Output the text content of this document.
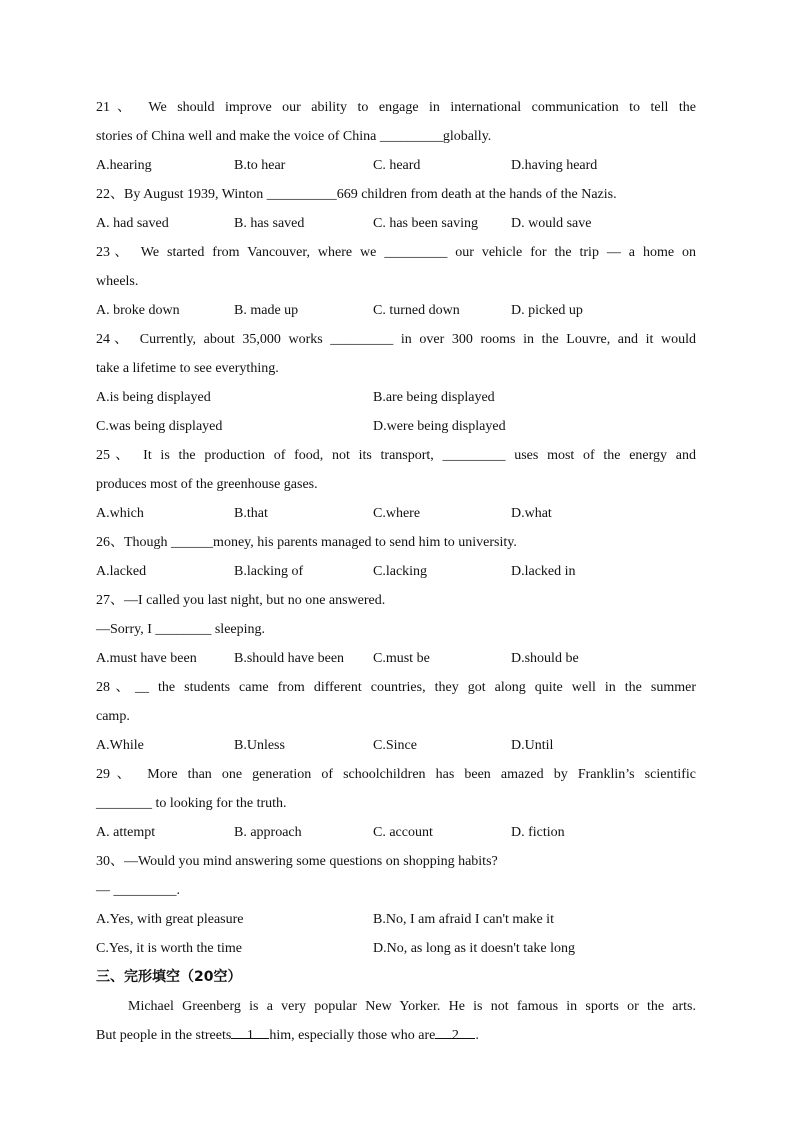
21、 We should improve our ability to engage in international communication to tell the
stories of China well and make the voice of China _________globally.
A.hearing	B.to hear	C. heard	D.having heard
22、By August 1939, Winton __________669 children from death at the hands of the Nazis.
A. had saved	B. has saved	C. has been saving	D. would save
23、 We started from Vancouver, where we _________ our vehicle for the trip — a home on
wheels.
A. broke down	B. made up	C. turned down	D. picked up
24、 Currently, about 35,000 works _________ in over 300 rooms in the Louvre, and it would
take a lifetime to see everything.
A.is being displayed	B.are being displayed
C.was being displayed	D.were being displayed
25、 It is the production of food, not its transport, _________ uses most of the energy and
produces most of the greenhouse gases.
A.which	B.that	C.where	D.what
26、Though ______money, his parents managed to send him to university.
A.lacked	B.lacking of	C.lacking	D.lacked in
27、—I called you last night, but no one answered.
—Sorry, I ________ sleeping.
A.must have been	B.should have been	C.must be	D.should be
28、__ the students came from different countries, they got along quite well in the summer
camp.
A.While	B.Unless	C.Since	D.Until
29、 More than one generation of schoolchildren has been amazed by Franklin’s scientific
________ to looking for the truth.
A. attempt	B. approach	C. account	D. fiction
30、—Would you mind answering some questions on shopping habits?
— _________.
A.Yes, with great pleasure	B.No, I am afraid I can't make it
C.Yes, it is worth the time	D.No, as long as it doesn't take long
三、完形填空（20空）
Michael Greenberg is a very popular New Yorker. He is not famous in sports or the arts.
But people in the streets 1 him, especially those who are 2 .
